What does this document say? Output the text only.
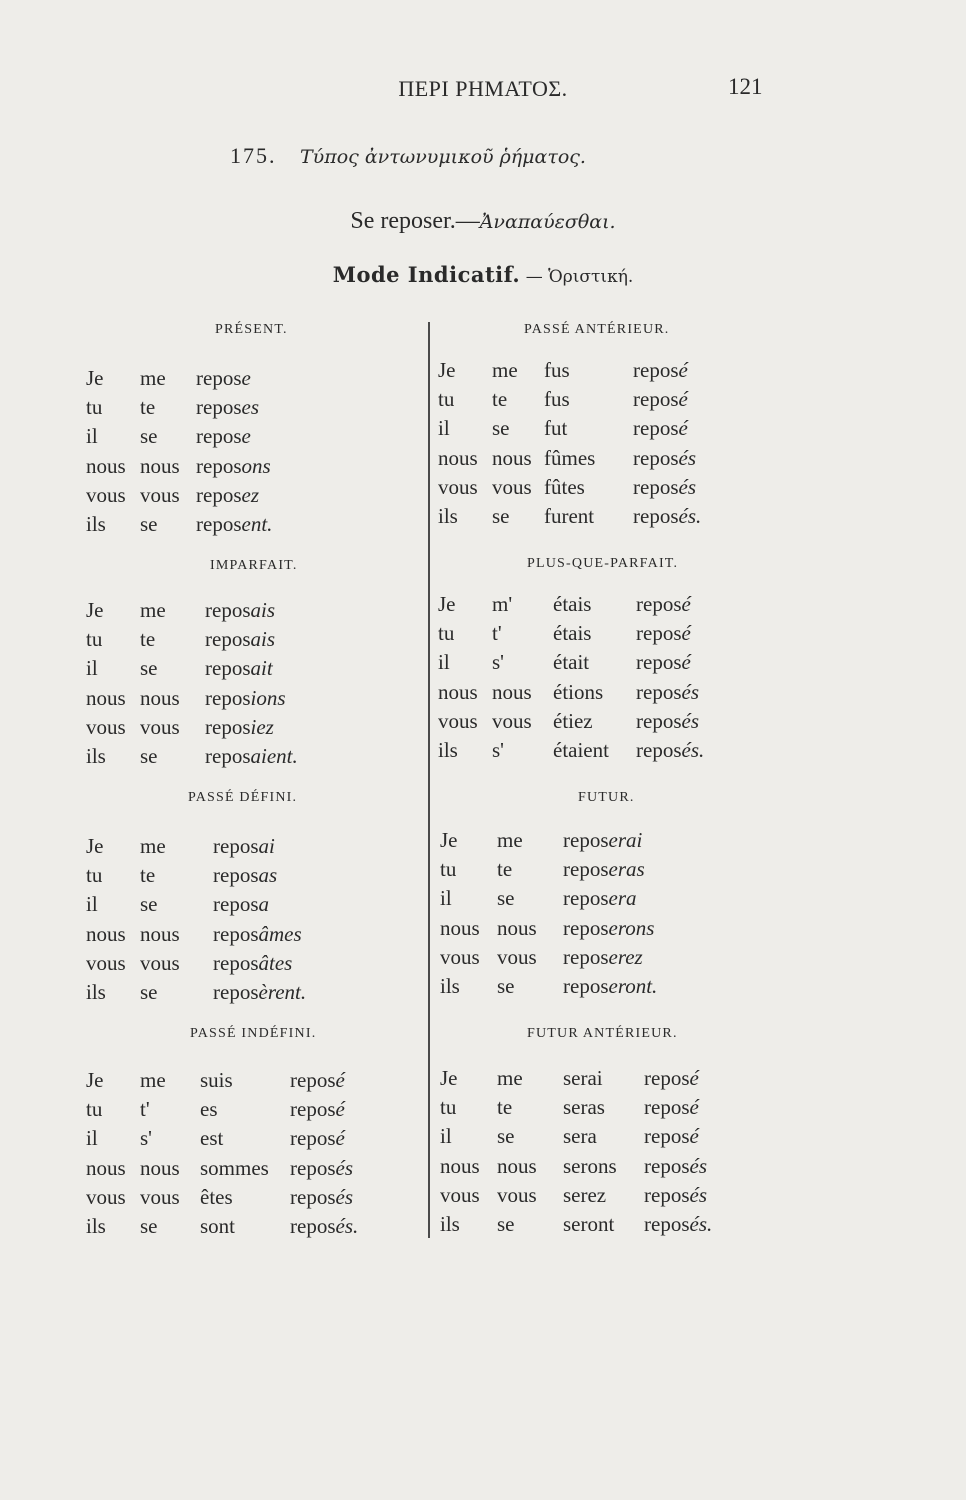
ΠΕΡΙ ΡΗΜΑΤΟΣ.	121
175. Τύπος ἀντωνυμικοῦ ῥήματος.
Se reposer.—Ἀναπαύεσθαι.
Mode Indicatif. — Ὁριστική.
PRÉSENT.
Je me repose
tu te reposes
il se repose
nous nous reposons
vous vous reposez
ils se reposent.
IMPARFAIT.
Je me reposais
tu te reposais
il se reposait
nous nous reposions
vous vous reposiez
ils se reposaient.
PASSÉ DÉFINI.
Je me reposai
tu te	reposas
il se	reposa
nous nous reposâmes
vous vous reposâtes
ils se	reposèrent.
PASSÉ INDÉFINI.
Je me suis	reposé
tu t' es	reposé
il s' est	reposé
nous nous sommes reposés
vous vous êtes	reposés
ils se sont	reposés.
PASSÉ ANTÉRIEUR.
Je me fus	reposé
tu te fus	reposé
il se fut	reposé
nous nous fûmes reposés
vous vous fûtes reposés
ils se furent reposés.
PLUS-QUE-PARFAIT.
Je m' étais reposé
tu t' étais reposé
il s' était reposé
nous nous étions reposés
vous vous étiez reposés
ils s' étaient reposés.
FUTUR.
Je me reposerai
tu te reposeras
il se reposera
nous nous reposerons
vous vous reposerez
ils se reposeront.
FUTUR ANTÉRIEUR.
Je me serai reposé
tu te seras reposé
il se sera reposé
nous nous serons reposés
vous vous serez reposés
ils se seront reposés.
